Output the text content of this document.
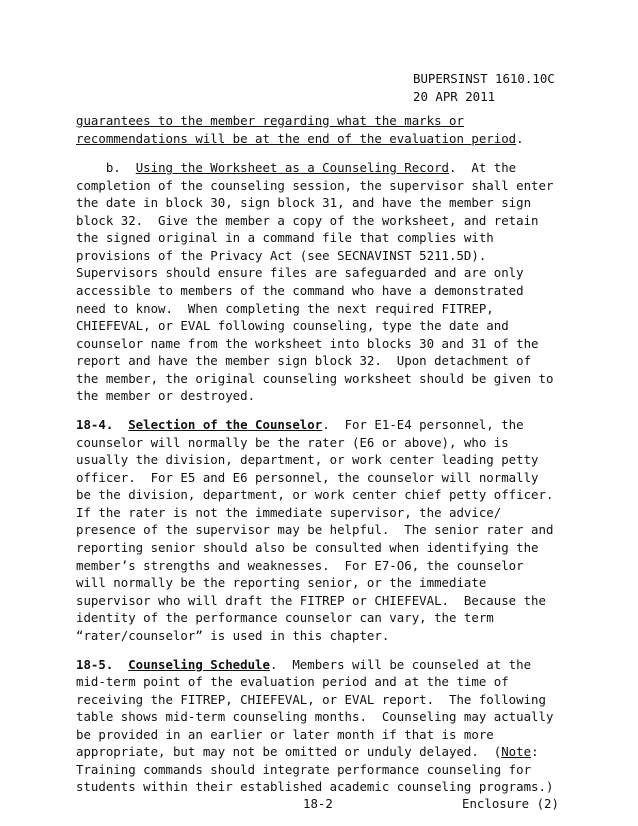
BUPERSINST 1610.10C
20 APR 2011
guarantees to the member regarding what the marks or
recommendations will be at the end of the evaluation period.
b.  Using the Worksheet as a Counseling Record.  At the
completion of the counseling session, the supervisor shall enter
the date in block 30, sign block 31, and have the member sign
block 32.  Give the member a copy of the worksheet, and retain
the signed original in a command file that complies with
provisions of the Privacy Act (see SECNAVINST 5211.5D).
Supervisors should ensure files are safeguarded and are only
accessible to members of the command who have a demonstrated
need to know.  When completing the next required FITREP,
CHIEFEVAL, or EVAL following counseling, type the date and
counselor name from the worksheet into blocks 30 and 31 of the
report and have the member sign block 32.  Upon detachment of
the member, the original counseling worksheet should be given to
the member or destroyed.
18-4.  Selection of the Counselor.  For E1-E4 personnel, the
counselor will normally be the rater (E6 or above), who is
usually the division, department, or work center leading petty
officer.  For E5 and E6 personnel, the counselor will normally
be the division, department, or work center chief petty officer.
If the rater is not the immediate supervisor, the advice/
presence of the supervisor may be helpful.  The senior rater and
reporting senior should also be consulted when identifying the
member’s strengths and weaknesses.  For E7-O6, the counselor
will normally be the reporting senior, or the immediate
supervisor who will draft the FITREP or CHIEFEVAL.  Because the
identity of the performance counselor can vary, the term
“rater/counselor” is used in this chapter.
18-5.  Counseling Schedule.  Members will be counseled at the
mid-term point of the evaluation period and at the time of
receiving the FITREP, CHIEFEVAL, or EVAL report.  The following
table shows mid-term counseling months.  Counseling may actually
be provided in an earlier or later month if that is more
appropriate, but may not be omitted or unduly delayed.  (Note:
Training commands should integrate performance counseling for
students within their established academic counseling programs.)
18-2	Enclosure (2)
